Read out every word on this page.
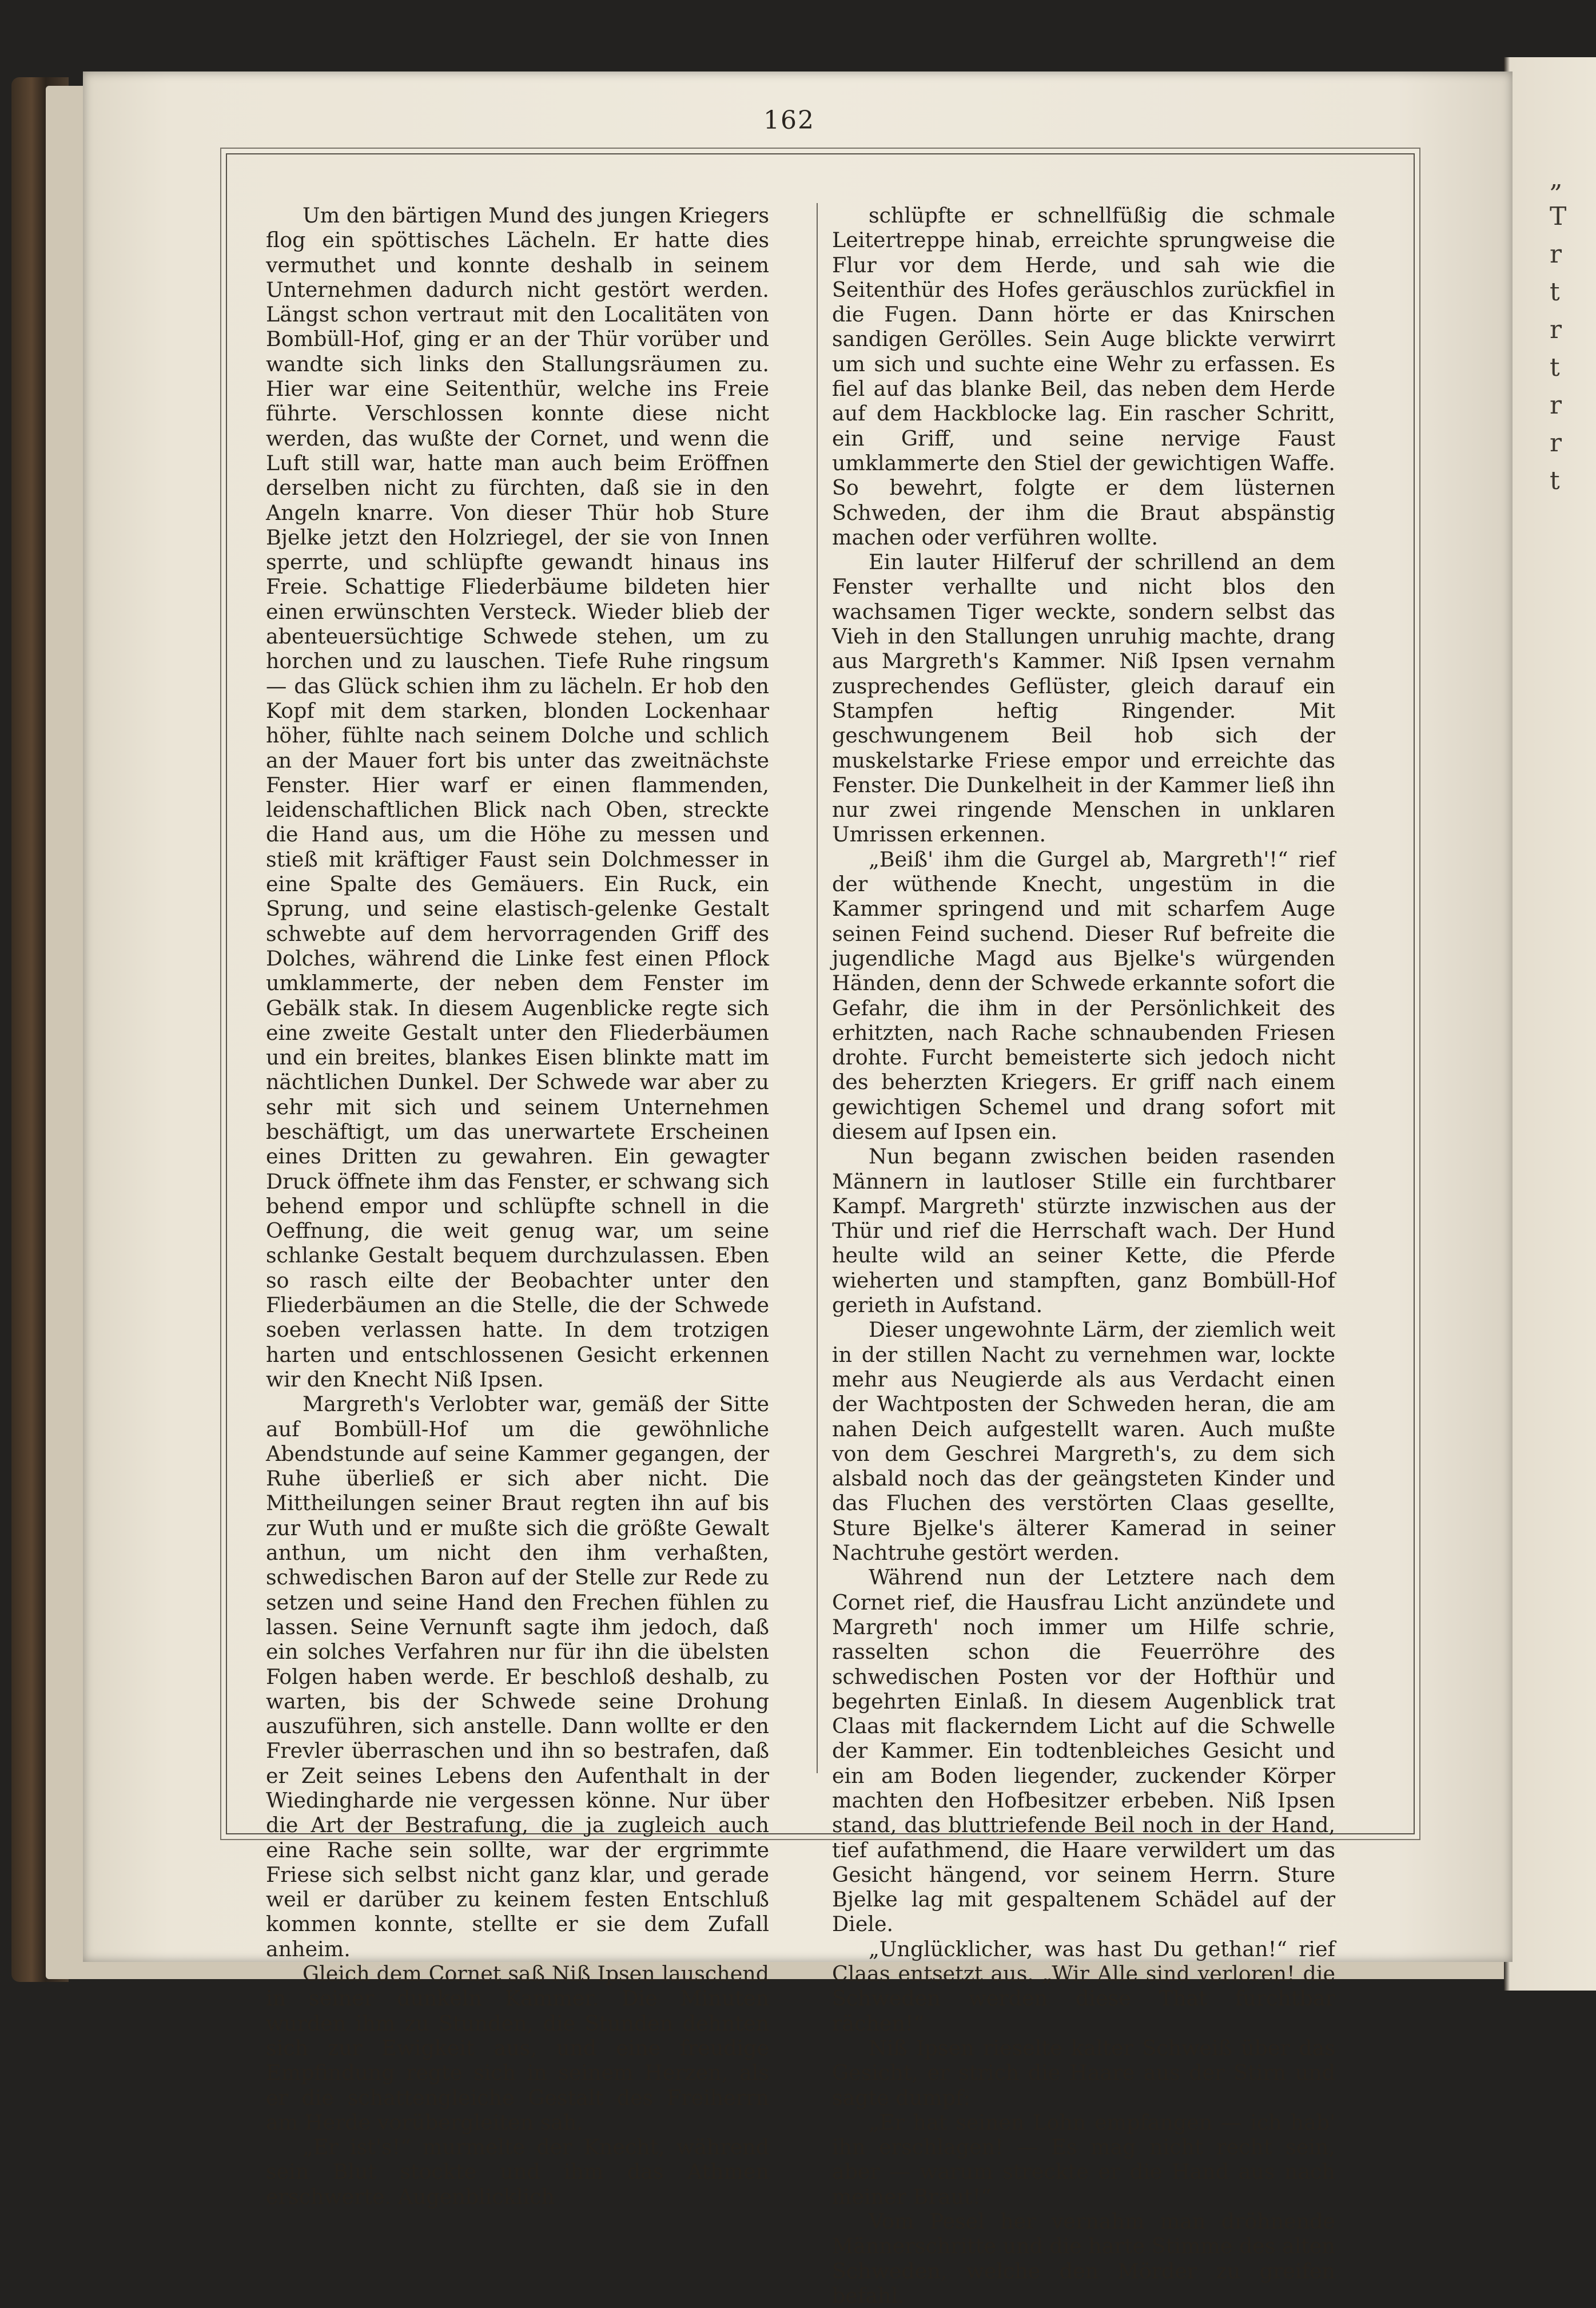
„
T
r
t
r
t
r
r
t
162

Um den bärtigen Mund des jungen Kriegers flog ein spöttisches Lächeln. Er hatte dies vermuthet und konnte deshalb in seinem Unternehmen dadurch nicht gestört werden. Längst schon vertraut mit den Localitäten von Bombüll-Hof, ging er an der Thür vorüber und wandte sich links den Stallungsräumen zu. Hier war eine Seitenthür, welche ins Freie führte. Verschlossen konnte diese nicht werden, das wußte der Cornet, und wenn die Luft still war, hatte man auch beim Eröffnen derselben nicht zu fürchten, daß sie in den Angeln knarre. Von dieser Thür hob Sture Bjelke jetzt den Holzriegel, der sie von Innen sperrte, und schlüpfte gewandt hinaus ins Freie. Schattige Fliederbäume bildeten hier einen erwünschten Versteck. Wieder blieb der abenteuersüchtige Schwede stehen, um zu horchen und zu lauschen. Tiefe Ruhe ringsum — das Glück schien ihm zu lächeln. Er hob den Kopf mit dem starken, blonden Lockenhaar höher, fühlte nach seinem Dolche und schlich an der Mauer fort bis unter das zweitnächste Fenster. Hier warf er einen flammenden, leidenschaftlichen Blick nach Oben, streckte die Hand aus, um die Höhe zu messen und stieß mit kräftiger Faust sein Dolchmesser in eine Spalte des Gemäuers. Ein Ruck, ein Sprung, und seine elastisch-gelenke Gestalt schwebte auf dem hervorragenden Griff des Dolches, während die Linke fest einen Pflock umklammerte, der neben dem Fenster im Gebälk stak. In diesem Augenblicke regte sich eine zweite Gestalt unter den Fliederbäumen und ein breites, blankes Eisen blinkte matt im nächtlichen Dunkel. Der Schwede war aber zu sehr mit sich und seinem Unternehmen beschäftigt, um das unerwartete Erscheinen eines Dritten zu gewahren. Ein gewagter Druck öffnete ihm das Fenster, er schwang sich behend empor und schlüpfte schnell in die Oeffnung, die weit genug war, um seine schlanke Gestalt bequem durchzulassen. Eben so rasch eilte der Beobachter unter den Fliederbäumen an die Stelle, die der Schwede soeben verlassen hatte. In dem trotzigen harten und entschlossenen Gesicht erkennen wir den Knecht Niß Ipsen.

Margreth's Verlobter war, gemäß der Sitte auf Bombüll-Hof um die gewöhnliche Abendstunde auf seine Kammer gegangen, der Ruhe überließ er sich aber nicht. Die Mittheilungen seiner Braut regten ihn auf bis zur Wuth und er mußte sich die größte Gewalt anthun, um nicht den ihm verhaßten, schwedischen Baron auf der Stelle zur Rede zu setzen und seine Hand den Frechen fühlen zu lassen. Seine Vernunft sagte ihm jedoch, daß ein solches Verfahren nur für ihn die übelsten Folgen haben werde. Er beschloß deshalb, zu warten, bis der Schwede seine Drohung auszuführen, sich anstelle. Dann wollte er den Frevler überraschen und ihn so bestrafen, daß er Zeit seines Lebens den Aufenthalt in der Wiedingharde nie vergessen könne. Nur über die Art der Bestrafung, die ja zugleich auch eine Rache sein sollte, war der ergrimmte Friese sich selbst nicht ganz klar, und gerade weil er darüber zu keinem festen Entschluß kommen konnte, stellte er sie dem Zufall anheim.

Gleich dem Cornet saß Niß Ipsen lauschend in seiner dunkeln Kammer. Die Minuten wurden ihm zu Stunden, die Stunden dehnten sich zur Ewigkeit aus, und eine freudige Empfindung regte sich in seinem Herzen, als er die schattengleiche Gestalt des Freiherrn am Herde vorübergleiten sah.

„Er ist's!“ murmelte der Knecht, während sein Blut stockte und ihm das Athmen erschwerte. Augenblicklich

schlüpfte er schnellfüßig die schmale Leitertreppe hinab, erreichte sprungweise die Flur vor dem Herde, und sah wie die Seitenthür des Hofes geräuschlos zurückfiel in die Fugen. Dann hörte er das Knirschen sandigen Gerölles. Sein Auge blickte verwirrt um sich und suchte eine Wehr zu erfassen. Es fiel auf das blanke Beil, das neben dem Herde auf dem Hackblocke lag. Ein rascher Schritt, ein Griff, und seine nervige Faust umklammerte den Stiel der gewichtigen Waffe. So bewehrt, folgte er dem lüsternen Schweden, der ihm die Braut abspänstig machen oder verführen wollte.

Ein lauter Hilferuf der schrillend an dem Fenster verhallte und nicht blos den wachsamen Tiger weckte, sondern selbst das Vieh in den Stallungen unruhig machte, drang aus Margreth's Kammer. Niß Ipsen vernahm zusprechendes Geflüster, gleich darauf ein Stampfen heftig Ringender. Mit geschwungenem Beil hob sich der muskelstarke Friese empor und erreichte das Fenster. Die Dunkelheit in der Kammer ließ ihn nur zwei ringende Menschen in unklaren Umrissen erkennen.

„Beiß' ihm die Gurgel ab, Margreth'!“ rief der wüthende Knecht, ungestüm in die Kammer springend und mit scharfem Auge seinen Feind suchend. Dieser Ruf befreite die jugendliche Magd aus Bjelke's würgenden Händen, denn der Schwede erkannte sofort die Gefahr, die ihm in der Persönlichkeit des erhitzten, nach Rache schnaubenden Friesen drohte. Furcht bemeisterte sich jedoch nicht des beherzten Kriegers. Er griff nach einem gewichtigen Schemel und drang sofort mit diesem auf Ipsen ein.

Nun begann zwischen beiden rasenden Männern in lautloser Stille ein furchtbarer Kampf. Margreth' stürzte inzwischen aus der Thür und rief die Herrschaft wach. Der Hund heulte wild an seiner Kette, die Pferde wieherten und stampften, ganz Bombüll-Hof gerieth in Aufstand.

Dieser ungewohnte Lärm, der ziemlich weit in der stillen Nacht zu vernehmen war, lockte mehr aus Neugierde als aus Verdacht einen der Wachtposten der Schweden heran, die am nahen Deich aufgestellt waren. Auch mußte von dem Geschrei Margreth's, zu dem sich alsbald noch das der geängsteten Kinder und das Fluchen des verstörten Claas gesellte, Sture Bjelke's älterer Kamerad in seiner Nachtruhe gestört werden.

Während nun der Letztere nach dem Cornet rief, die Hausfrau Licht anzündete und Margreth' noch immer um Hilfe schrie, rasselten schon die Feuerröhre des schwedischen Posten vor der Hofthür und begehrten Einlaß. In diesem Augenblick trat Claas mit flackerndem Licht auf die Schwelle der Kammer. Ein todtenbleiches Gesicht und ein am Boden liegender, zuckender Körper machten den Hofbesitzer erbeben. Niß Ipsen stand, das bluttriefende Beil noch in der Hand, tief aufathmend, die Haare verwildert um das Gesicht hängend, vor seinem Herrn. Sture Bjelke lag mit gespaltenem Schädel auf der Diele.

„Unglücklicher, was hast Du gethan!“ rief Claas entsetzt aus. „Wir Alle sind verloren! die Schweden werden diese That furchtbar rächen!“

Niß Ipsen rieselte kalter Schweiß über das Gesicht, er strich die Haare aus der Stirn und sagte dumpf:

„Er hat seinen Lohn empfangen — ich hab' ihn erschlagen! — Es mag nicht recht sein, aber — warum streckte er die Hand aus nach meiner Braut!“

Vom Pesel her vernahm man dröhnende Männerschritte und die harte Stimme des alten Schweden, welche den Mörder zu greifen befahl.
